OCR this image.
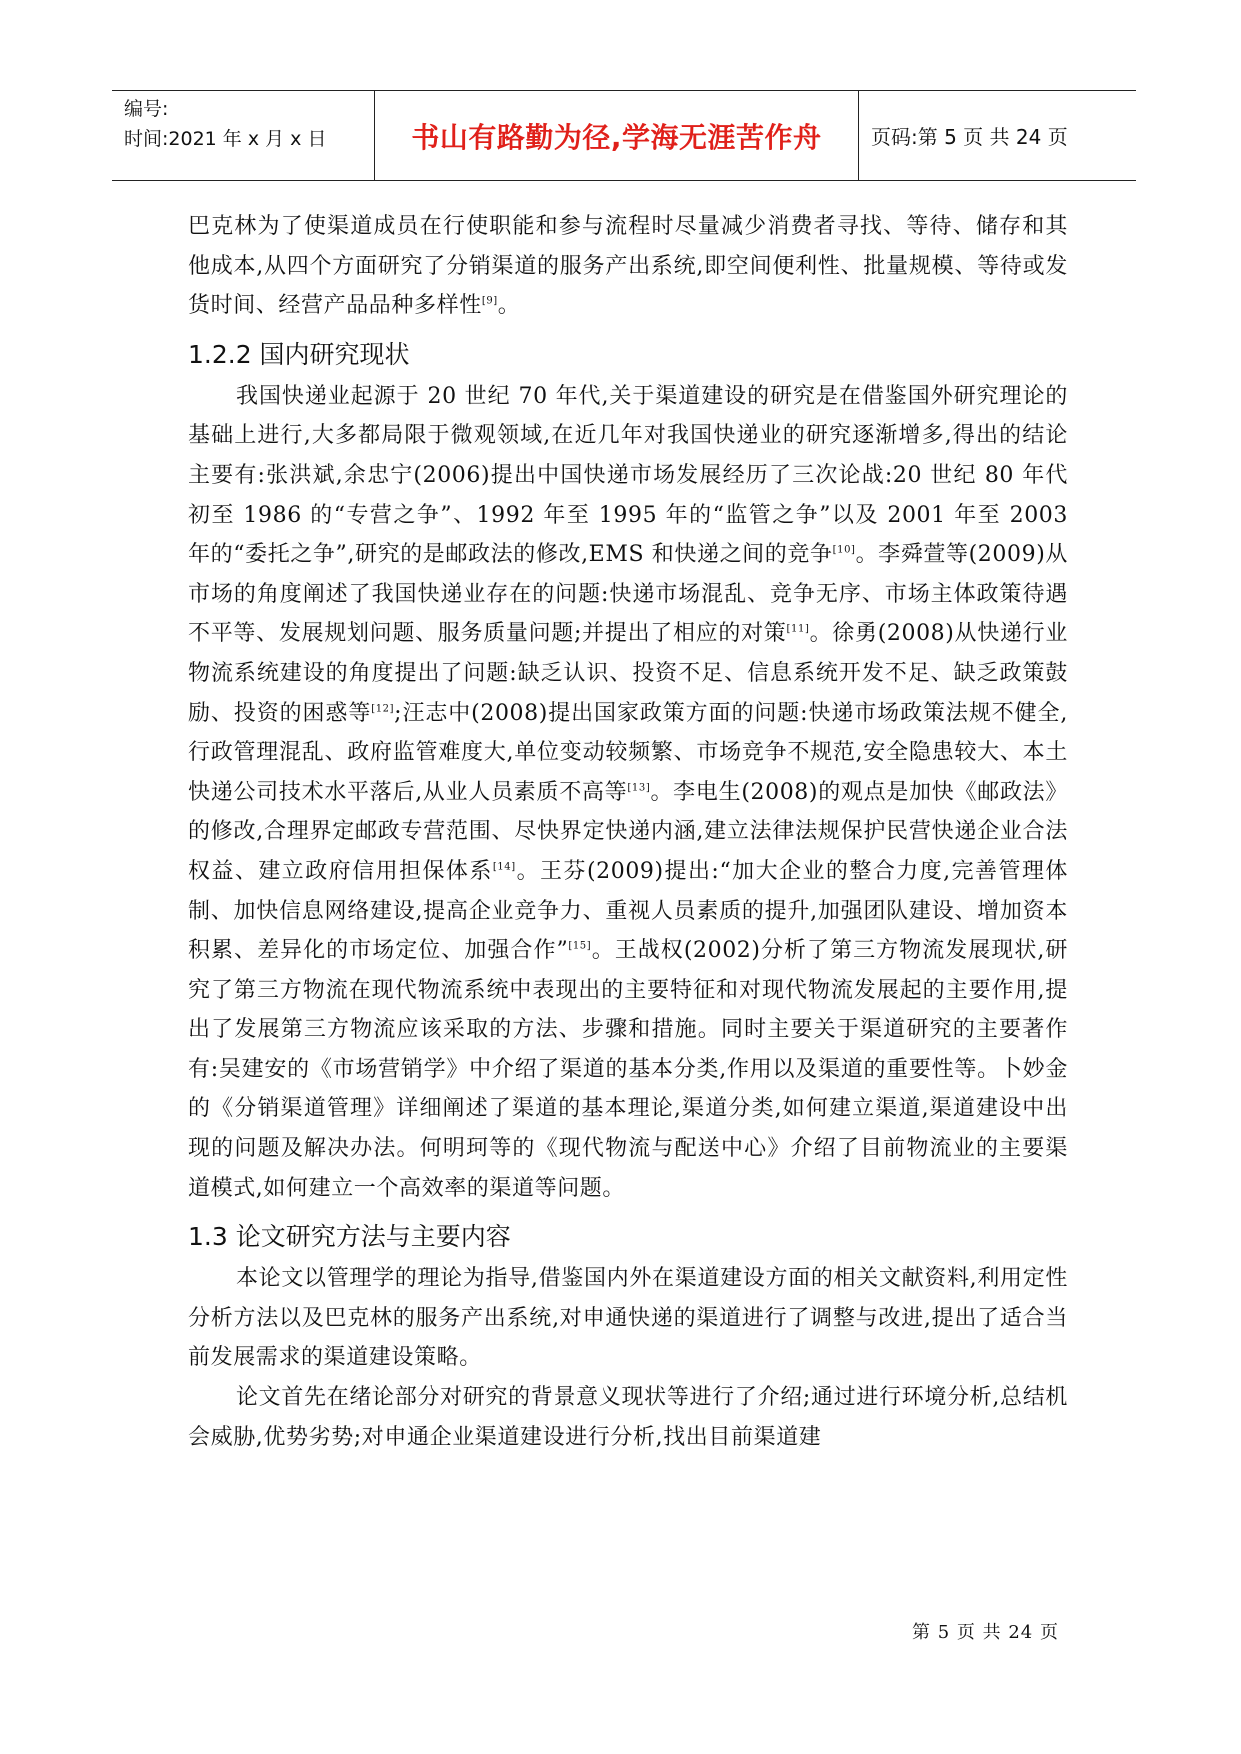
编号:
时间:2021 年 x 月 x 日	书山有路勤为径,学海无涯苦作舟	页码:第 5 页 共 24 页

巴克林为了使渠道成员在行使职能和参与流程时尽量减少消费者寻找、等待、储存和其他成本,从四个方面研究了分销渠道的服务产出系统,即空间便利性、批量规模、等待或发货时间、经营产品品种多样性[9]。

1.2.2 国内研究现状

我国快递业起源于 20 世纪 70 年代,关于渠道建设的研究是在借鉴国外研究理论的基础上进行,大多都局限于微观领域,在近几年对我国快递业的研究逐渐增多,得出的结论主要有:张洪斌,余忠宁(2006)提出中国快递市场发展经历了三次论战:20 世纪 80 年代初至 1986 的“专营之争”、1992 年至 1995 年的“监管之争”以及 2001 年至 2003 年的“委托之争”,研究的是邮政法的修改,EMS 和快递之间的竞争[10]。李舜萱等(2009)从市场的角度阐述了我国快递业存在的问题:快递市场混乱、竞争无序、市场主体政策待遇不平等、发展规划问题、服务质量问题;并提出了相应的对策[11]。徐勇(2008)从快递行业物流系统建设的角度提出了问题:缺乏认识、投资不足、信息系统开发不足、缺乏政策鼓励、投资的困惑等[12];汪志中(2008)提出国家政策方面的问题:快递市场政策法规不健全,行政管理混乱、政府监管难度大,单位变动较频繁、市场竞争不规范,安全隐患较大、本土快递公司技术水平落后,从业人员素质不高等[13]。李电生(2008)的观点是加快《邮政法》的修改,合理界定邮政专营范围、尽快界定快递内涵,建立法律法规保护民营快递企业合法权益、建立政府信用担保体系[14]。王芬(2009)提出:“加大企业的整合力度,完善管理体制、加快信息网络建设,提高企业竞争力、重视人员素质的提升,加强团队建设、增加资本积累、差异化的市场定位、加强合作”[15]。王战权(2002)分析了第三方物流发展现状,研究了第三方物流在现代物流系统中表现出的主要特征和对现代物流发展起的主要作用,提出了发展第三方物流应该采取的方法、步骤和措施。同时主要关于渠道研究的主要著作有:吴建安的《市场营销学》中介绍了渠道的基本分类,作用以及渠道的重要性等。卜妙金的《分销渠道管理》详细阐述了渠道的基本理论,渠道分类,如何建立渠道,渠道建设中出现的问题及解决办法。何明珂等的《现代物流与配送中心》介绍了目前物流业的主要渠道模式,如何建立一个高效率的渠道等问题。

1.3 论文研究方法与主要内容

本论文以管理学的理论为指导,借鉴国内外在渠道建设方面的相关文献资料,利用定性分析方法以及巴克林的服务产出系统,对申通快递的渠道进行了调整与改进,提出了适合当前发展需求的渠道建设策略。

论文首先在绪论部分对研究的背景意义现状等进行了介绍;通过进行环境分析,总结机会威胁,优势劣势;对申通企业渠道建设进行分析,找出目前渠道建

第 5 页 共 24 页
